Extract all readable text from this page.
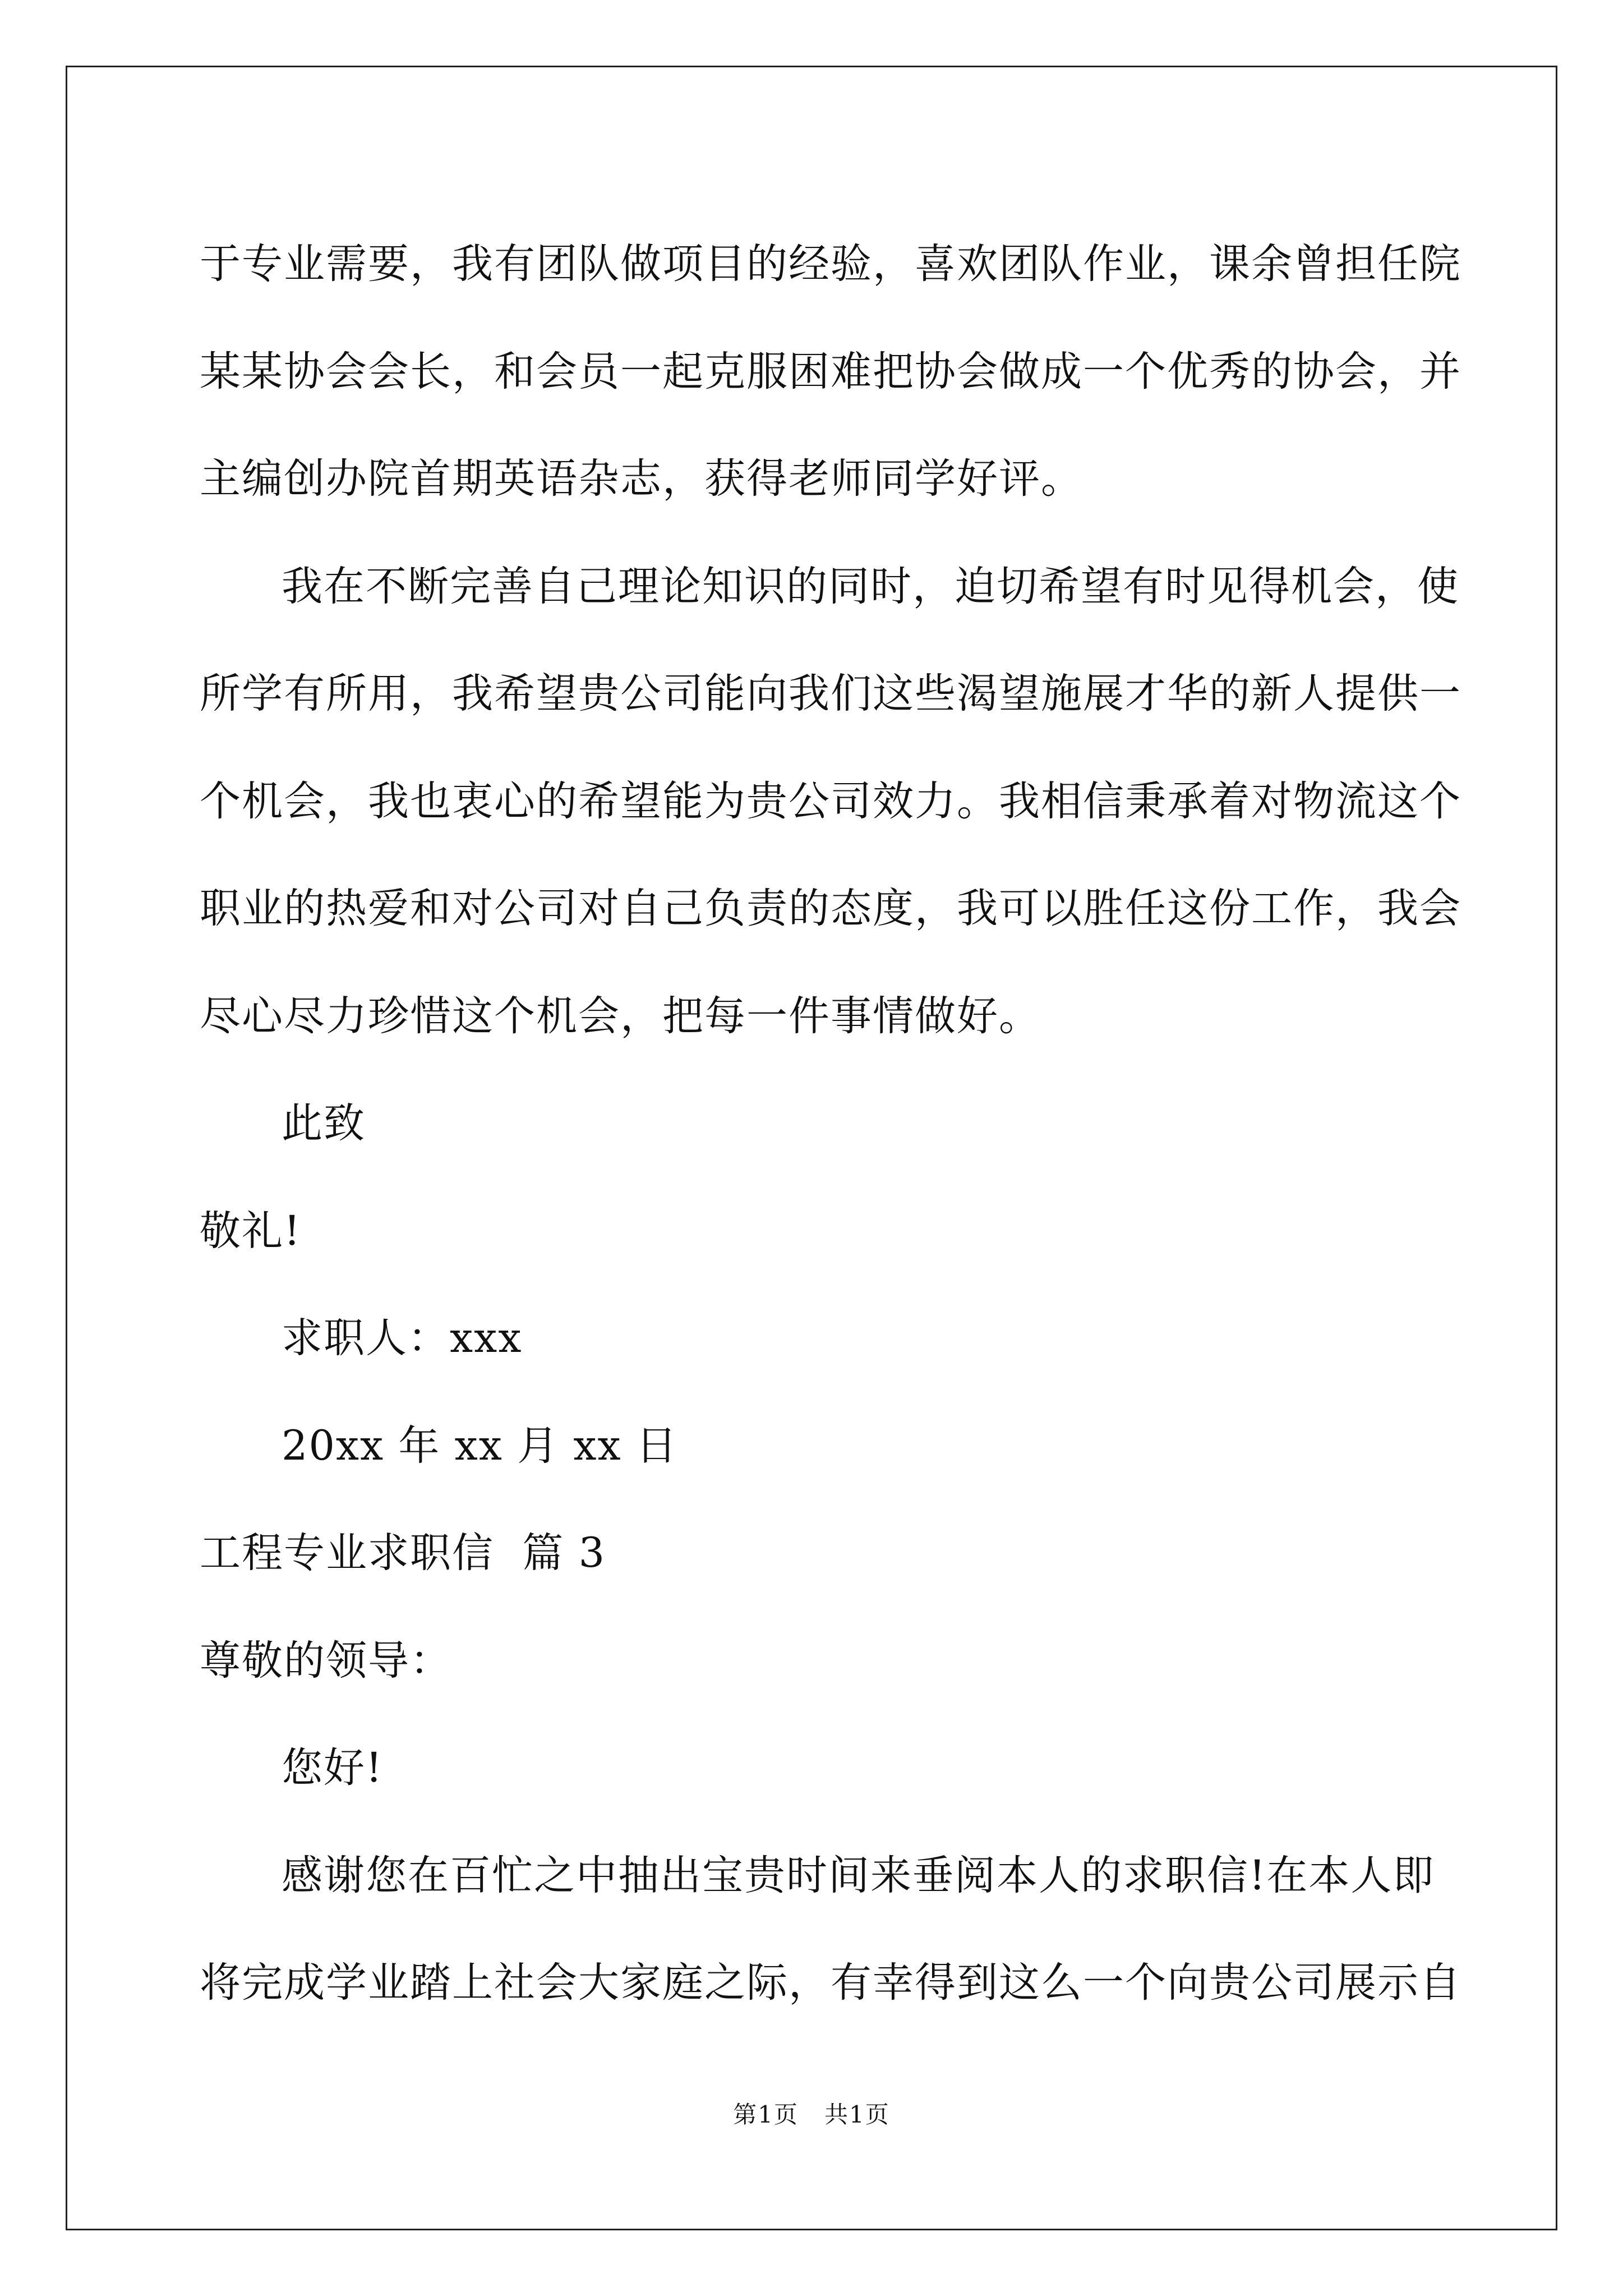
于专业需要，我有团队做项目的经验，喜欢团队作业，课余曾担任院
某某协会会长，和会员一起克服困难把协会做成一个优秀的协会，并
主编创办院首期英语杂志，获得老师同学好评。
我在不断完善自己理论知识的同时，迫切希望有时见得机会，使
所学有所用，我希望贵公司能向我们这些渴望施展才华的新人提供一
个机会，我也衷心的希望能为贵公司效力。我相信秉承着对物流这个
职业的热爱和对公司对自己负责的态度，我可以胜任这份工作，我会
尽心尽力珍惜这个机会，把每一件事情做好。
此致
敬礼!
求职人：xxx
20xx 年 xx 月 xx 日
工程专业求职信  篇 3
尊敬的领导：
您好!
感谢您在百忙之中抽出宝贵时间来垂阅本人的求职信!在本人即
将完成学业踏上社会大家庭之际，有幸得到这么一个向贵公司展示自
第1页   共1页
